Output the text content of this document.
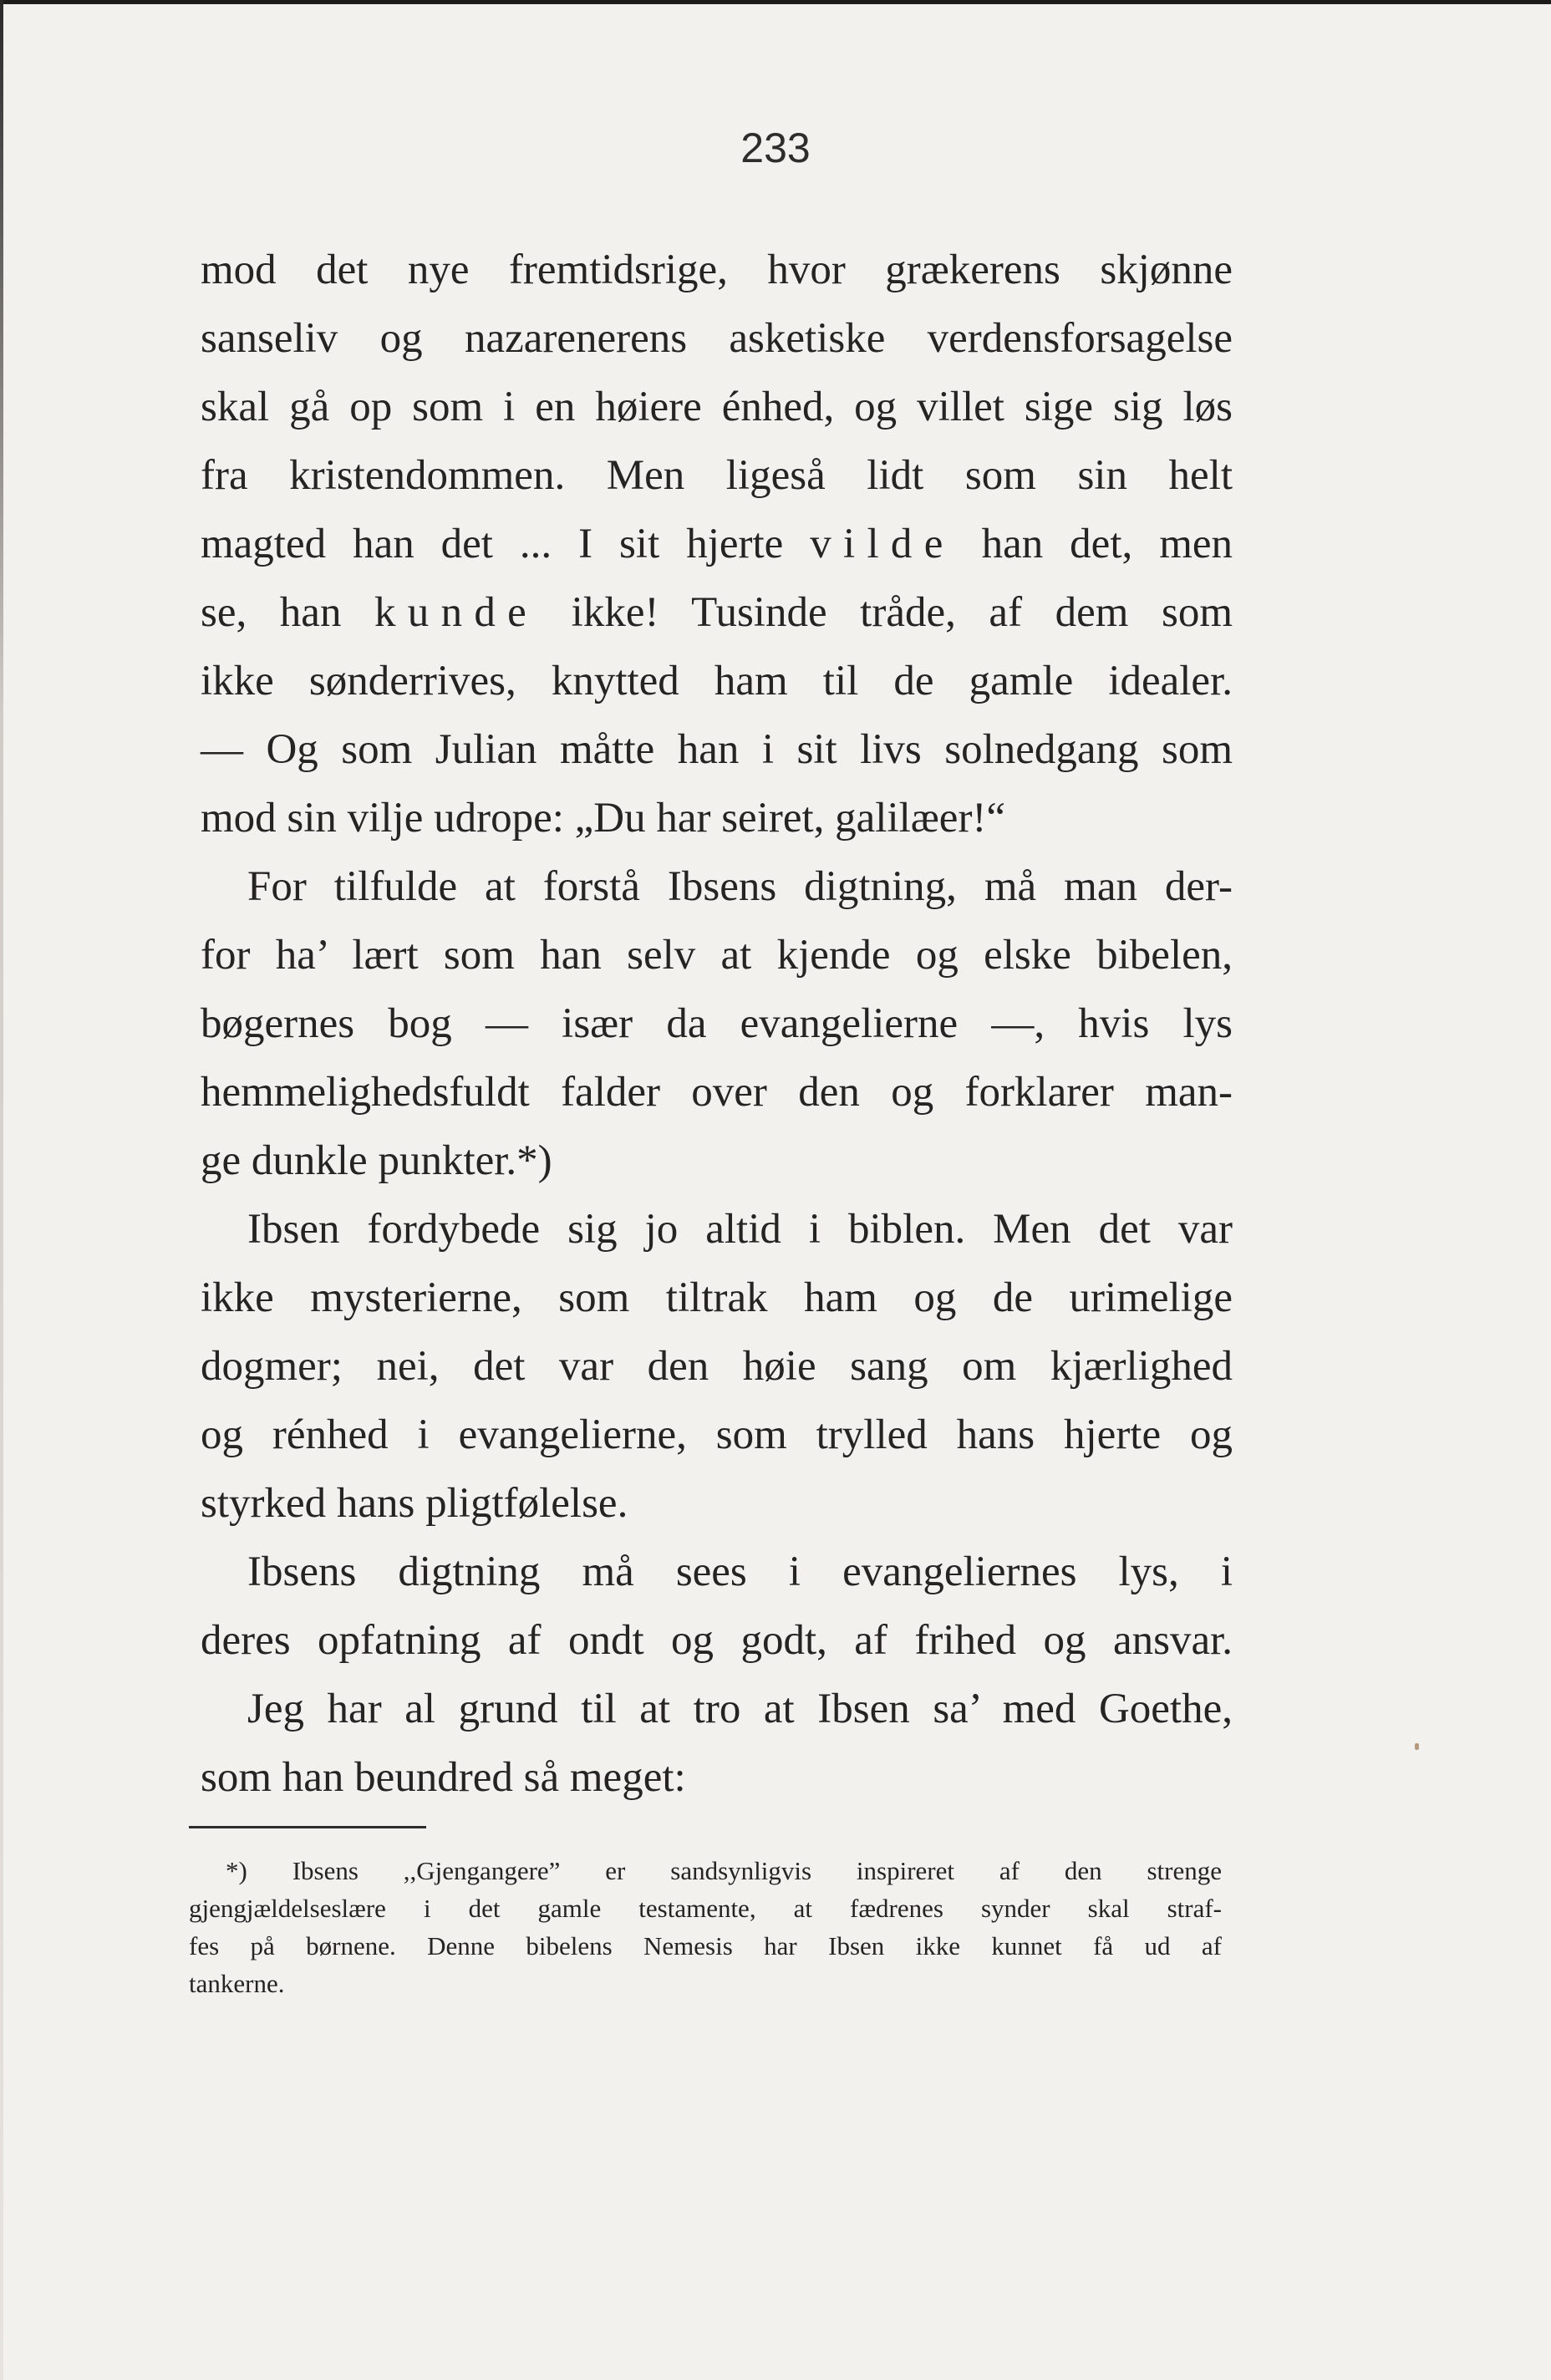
233
mod det nye fremtidsrige, hvor grækerens skjønne
sanseliv og nazarenerens asketiske verdensforsagelse
skal gå op som i en høiere énhed, og villet sige sig løs
fra kristendommen. Men ligeså lidt som sin helt
magted han det ... I sit hjerte vilde han det, men
se, han kunde ikke! Tusinde tråde, af dem som
ikke sønderrives, knytted ham til de gamle idealer.
— Og som Julian måtte han i sit livs solnedgang som
mod sin vilje udrope: „Du har seiret, galilæer!“
For tilfulde at forstå Ibsens digtning, må man der-
for ha’ lært som han selv at kjende og elske bibelen,
bøgernes bog — især da evangelierne —, hvis lys
hemmelighedsfuldt falder over den og forklarer man-
ge dunkle punkter.*)
Ibsen fordybede sig jo altid i biblen. Men det var
ikke mysterierne, som tiltrak ham og de urimelige
dogmer; nei, det var den høie sang om kjærlighed
og rénhed i evangelierne, som trylled hans hjerte og
styrked hans pligtfølelse.
Ibsens digtning må sees i evangeliernes lys, i
deres opfatning af ondt og godt, af frihed og ansvar.
Jeg har al grund til at tro at Ibsen sa’ med Goethe,
som han beundred så meget:
*) Ibsens ,,Gjengangere” er sandsynligvis inspireret af den strenge
gjengjældelseslære i det gamle testamente, at fædrenes synder skal straf-
fes på børnene. Denne bibelens Nemesis har Ibsen ikke kunnet få ud af
tankerne.
